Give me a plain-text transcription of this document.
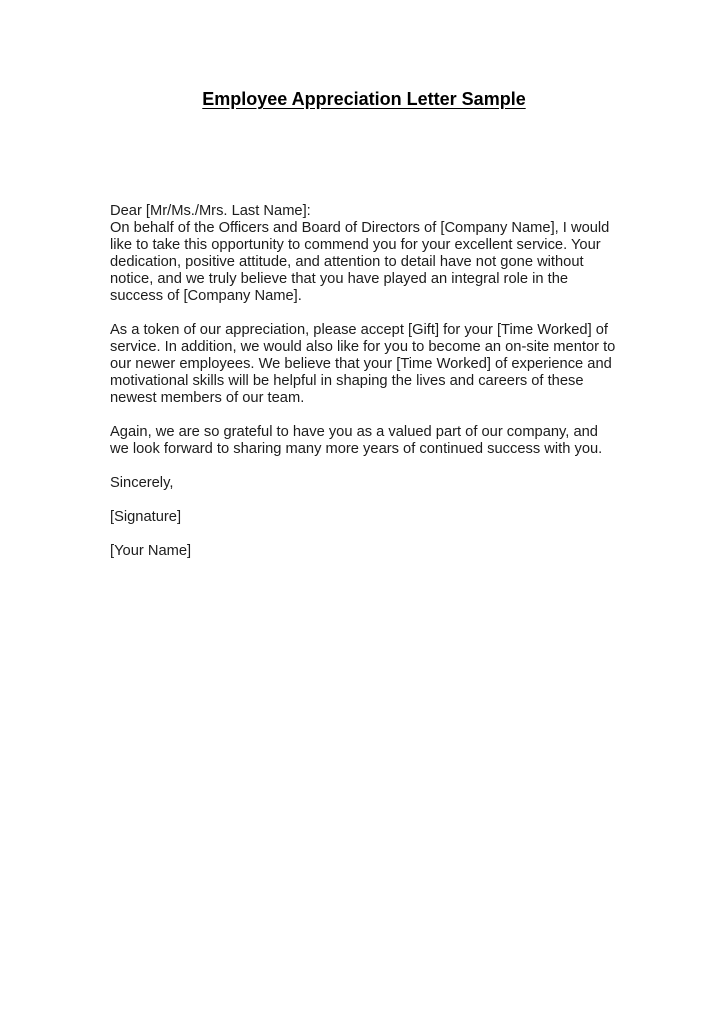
Employee Appreciation Letter Sample

Dear [Mr/Ms./Mrs. Last Name]:

On behalf of the Officers and Board of Directors of [Company Name], I would like to take this opportunity to commend you for your excellent service. Your dedication, positive attitude, and attention to detail have not gone without notice, and we truly believe that you have played an integral role in the success of [Company Name].

As a token of our appreciation, please accept [Gift] for your [Time Worked] of service. In addition, we would also like for you to become an on-site mentor to our newer employees. We believe that your [Time Worked] of experience and motivational skills will be helpful in shaping the lives and careers of these newest members of our team.

Again, we are so grateful to have you as a valued part of our company, and we look forward to sharing many more years of continued success with you.

Sincerely,

[Signature]

[Your Name]
